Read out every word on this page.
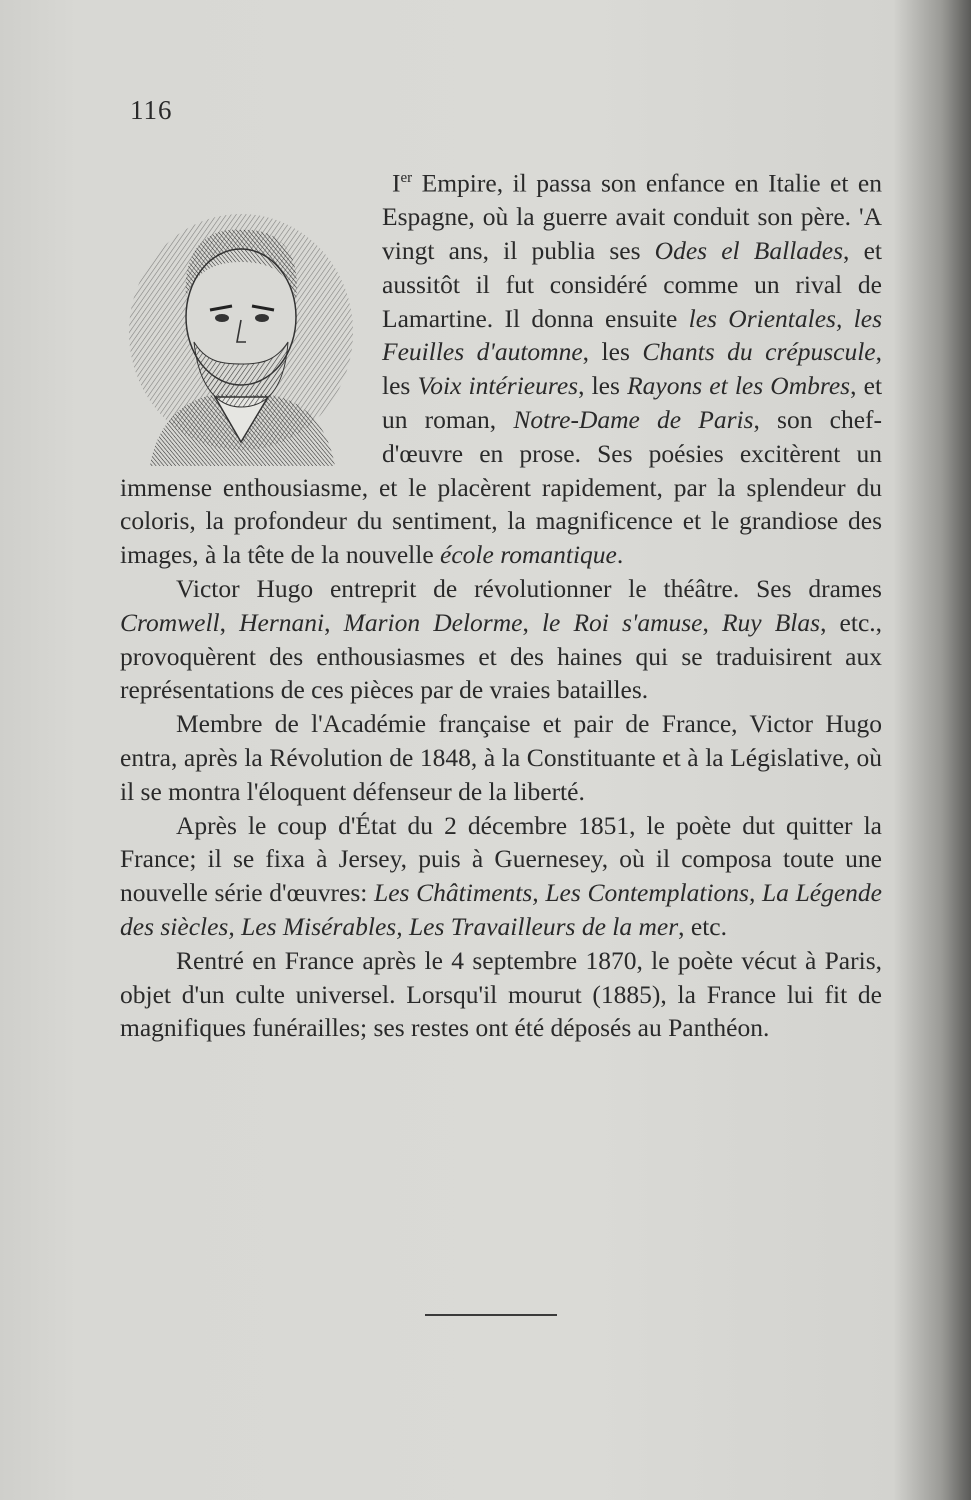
116

Ier Empire, il passa son enfance en Italie et en Espagne, où la guerre avait conduit son père. 'A vingt ans, il publia ses Odes el Ballades, et aussitôt il fut considéré comme un rival de Lamartine. Il donna ensuite les Orientales, les Feuilles d'automne, les Chants du crépuscule, les Voix intérieures, les Rayons et les Ombres, et un roman, Notre-Dame de Paris, son chef-d'œuvre en prose. Ses poésies excitèrent un immense enthousiasme, et le placèrent rapidement, par la splendeur du coloris, la profondeur du sentiment, la magnificence et le grandiose des images, à la tête de la nouvelle école romantique.

Victor Hugo entreprit de révolutionner le théâtre. Ses drames Cromwell, Hernani, Marion Delorme, le Roi s'amuse, Ruy Blas, etc., provoquèrent des enthousiasmes et des haines qui se traduisirent aux représentations de ces pièces par de vraies batailles.

Membre de l'Académie française et pair de France, Victor Hugo entra, après la Révolution de 1848, à la Constituante et à la Législative, où il se montra l'éloquent défenseur de la liberté.

Après le coup d'État du 2 décembre 1851, le poète dut quitter la France; il se fixa à Jersey, puis à Guernesey, où il composa toute une nouvelle série d'œuvres: Les Châtiments, Les Contemplations, La Légende des siècles, Les Misérables, Les Travailleurs de la mer, etc.

Rentré en France après le 4 septembre 1870, le poète vécut à Paris, objet d'un culte universel. Lorsqu'il mourut (1885), la France lui fit de magnifiques funérailles; ses restes ont été déposés au Panthéon.
